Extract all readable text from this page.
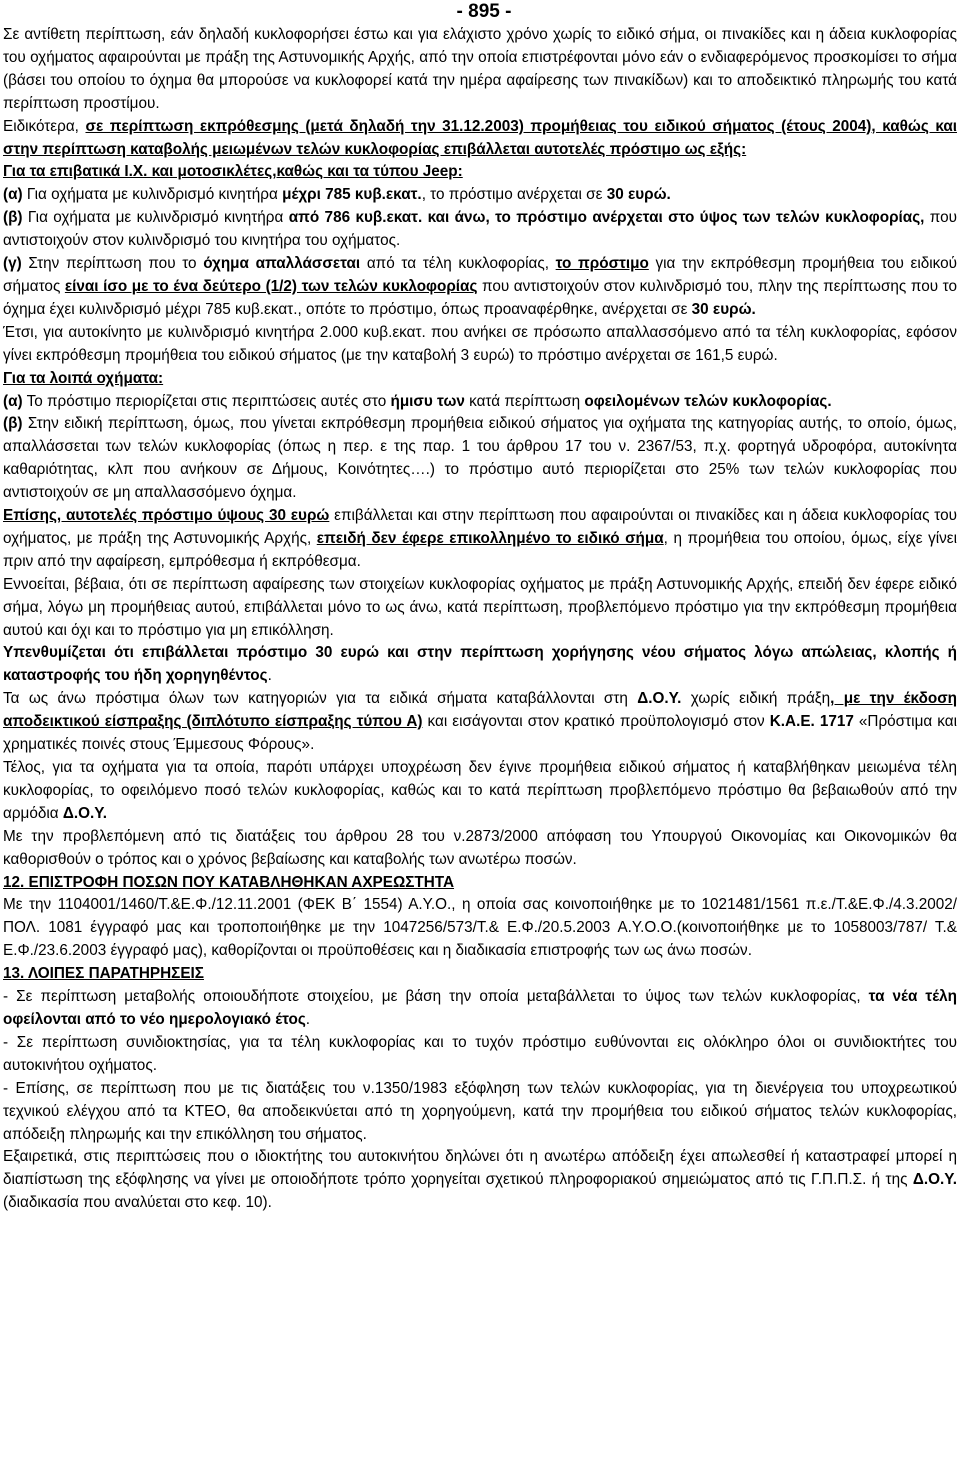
- 895 -

Σε αντίθετη περίπτωση, εάν δηλαδή κυκλοφορήσει έστω και για ελάχιστο χρόνο χωρίς το ειδικό σήμα, οι πινακίδες και η άδεια κυκλοφορίας του οχήματος αφαιρούνται με πράξη της Αστυνομικής Αρχής, από την οποία επιστρέφονται μόνο εάν ο ενδιαφερόμενος προσκομίσει το σήμα (βάσει του οποίου το όχημα θα μπορούσε να κυκλοφορεί κατά την ημέρα αφαίρεσης των πινακίδων) και το αποδεικτικό πληρωμής του κατά περίπτωση προστίμου.

Ειδικότερα, σε περίπτωση εκπρόθεσμης (μετά δηλαδή την 31.12.2003) προμήθειας του ειδικού σήματος (έτους 2004), καθώς και στην περίπτωση καταβολής μειωμένων τελών κυκλοφορίας επιβάλλεται αυτοτελές πρόστιμο ως εξής:

Για τα επιβατικά Ι.Χ. και μοτοσικλέτες,καθώς και τα τύπου Jeep:

(α) Για οχήματα με κυλινδρισμό κινητήρα μέχρι 785 κυβ.εκατ., το πρόστιμο ανέρχεται σε 30 ευρώ.

(β) Για οχήματα με κυλινδρισμό κινητήρα από 786 κυβ.εκατ. και άνω, το πρόστιμο ανέρχεται στο ύψος των τελών κυκλοφορίας, που αντιστοιχούν στον κυλινδρισμό του κινητήρα του οχήματος.

(γ) Στην περίπτωση που το όχημα απαλλάσσεται από τα τέλη κυκλοφορίας, το πρόστιμο για την εκπρόθεσμη προμήθεια του ειδικού σήματος είναι ίσο με το ένα δεύτερο (1/2) των τελών κυκλοφορίας που αντιστοιχούν στον κυλινδρισμό του, πλην της περίπτωσης που το όχημα έχει κυλινδρισμό μέχρι 785 κυβ.εκατ., οπότε το πρόστιμο, όπως προαναφέρθηκε, ανέρχεται σε 30 ευρώ.

Έτσι, για αυτοκίνητο με κυλινδρισμό κινητήρα 2.000 κυβ.εκατ. που ανήκει σε πρόσωπο απαλλασσόμενο από τα τέλη κυκλοφορίας, εφόσον γίνει εκπρόθεσμη προμήθεια του ειδικού σήματος (με την καταβολή 3 ευρώ) το πρόστιμο ανέρχεται σε 161,5 ευρώ.

Για τα λοιπά οχήματα:

(α) Το πρόστιμο περιορίζεται στις περιπτώσεις αυτές στο ήμισυ των κατά περίπτωση οφειλομένων τελών κυκλοφορίας.

(β) Στην ειδική περίπτωση, όμως, που γίνεται εκπρόθεσμη προμήθεια ειδικού σήματος για οχήματα της κατηγορίας αυτής, το οποίο, όμως, απαλλάσσεται των τελών κυκλοφορίας (όπως η περ. ε της παρ. 1 του άρθρου 17 του ν. 2367/53, π.χ. φορτηγά υδροφόρα, αυτοκίνητα καθαριότητας, κλπ που ανήκουν σε Δήμους, Κοινότητες….) το πρόστιμο αυτό περιορίζεται στο 25% των τελών κυκλοφορίας που αντιστοιχούν σε μη απαλλασσόμενο όχημα.

Επίσης, αυτοτελές πρόστιμο ύψους 30 ευρώ επιβάλλεται και στην περίπτωση που αφαιρούνται οι πινακίδες και η άδεια κυκλοφορίας του οχήματος, με πράξη της Αστυνομικής Αρχής, επειδή δεν έφερε επικολλημένο το ειδικό σήμα, η προμήθεια του οποίου, όμως, είχε γίνει πριν από την αφαίρεση, εμπρόθεσμα ή εκπρόθεσμα.

Εννοείται, βέβαια, ότι σε περίπτωση αφαίρεσης των στοιχείων κυκλοφορίας οχήματος με πράξη Αστυνομικής Αρχής, επειδή δεν έφερε ειδικό σήμα, λόγω μη προμήθειας αυτού, επιβάλλεται μόνο το ως άνω, κατά περίπτωση, προβλεπόμενο πρόστιμο για την εκπρόθεσμη προμήθεια αυτού και όχι και το πρόστιμο για μη επικόλληση.

Υπενθυμίζεται ότι επιβάλλεται πρόστιμο 30 ευρώ και στην περίπτωση χορήγησης νέου σήματος λόγω απώλειας, κλοπής ή καταστροφής του ήδη χορηγηθέντος.

Τα ως άνω πρόστιμα όλων των κατηγοριών για τα ειδικά σήματα καταβάλλονται στη Δ.Ο.Υ. χωρίς ειδική πράξη, με την έκδοση αποδεικτικού είσπραξης (διπλότυπο είσπραξης τύπου Α) και εισάγονται στον κρατικό προϋπολογισμό στον Κ.Α.Ε. 1717 «Πρόστιμα και χρηματικές ποινές στους Έμμεσους Φόρους».

Τέλος, για τα οχήματα για τα οποία, παρότι υπάρχει υποχρέωση δεν έγινε προμήθεια ειδικού σήματος ή καταβλήθηκαν μειωμένα τέλη κυκλοφορίας, το οφειλόμενο ποσό τελών κυκλοφορίας, καθώς και το κατά περίπτωση προβλεπόμενο πρόστιμο θα βεβαιωθούν από την αρμόδια Δ.Ο.Υ.

Με την προβλεπόμενη από τις διατάξεις του άρθρου 28 του ν.2873/2000 απόφαση του Υπουργού Οικονομίας και Οικονομικών θα καθορισθούν ο τρόπος και ο χρόνος βεβαίωσης και καταβολής των ανωτέρω ποσών.

12. ΕΠΙΣΤΡΟΦΗ ΠΟΣΩΝ ΠΟΥ ΚΑΤΑΒΛΗΘΗΚΑΝ ΑΧΡΕΩΣΤΗΤΑ

Με την 1104001/1460/Τ.&Ε.Φ./12.11.2001 (ΦΕΚ Β΄ 1554) Α.Υ.Ο., η οποία σας κοινοποιήθηκε με το 1021481/1561 π.ε./Τ.&Ε.Φ./4.3.2002/ΠΟΛ. 1081 έγγραφό μας και τροποποιήθηκε με την 1047256/573/Τ.& Ε.Φ./20.5.2003 Α.Υ.Ο.Ο.(κοινοποιήθηκε με το 1058003/787/ Τ.& Ε.Φ./23.6.2003 έγγραφό μας), καθορίζονται οι προϋποθέσεις και η διαδικασία επιστροφής των ως άνω ποσών.

13. ΛΟΙΠΕΣ ΠΑΡΑΤΗΡΗΣΕΙΣ

- Σε περίπτωση μεταβολής οποιουδήποτε στοιχείου, με βάση την οποία μεταβάλλεται το ύψος των τελών κυκλοφορίας, τα νέα τέλη οφείλονται από το νέο ημερολογιακό έτος.

- Σε περίπτωση συνιδιοκτησίας, για τα τέλη κυκλοφορίας και το τυχόν πρόστιμο ευθύνονται εις ολόκληρο όλοι οι συνιδιοκτήτες του αυτοκινήτου οχήματος.

- Επίσης, σε περίπτωση που με τις διατάξεις του ν.1350/1983 εξόφληση των τελών κυκλοφορίας, για τη διενέργεια του υποχρεωτικού τεχνικού ελέγχου από τα ΚΤΕΟ, θα αποδεικνύεται από τη χορηγούμενη, κατά την προμήθεια του ειδικού σήματος τελών κυκλοφορίας, απόδειξη πληρωμής και την επικόλληση του σήματος.

Εξαιρετικά, στις περιπτώσεις που ο ιδιοκτήτης του αυτοκινήτου δηλώνει ότι η ανωτέρω απόδειξη έχει απωλεσθεί ή καταστραφεί μπορεί η διαπίστωση της εξόφλησης να γίνει με οποιοδήποτε τρόπο χορηγείται σχετικού πληροφοριακού σημειώματος από τις Γ.Π.Π.Σ. ή της Δ.Ο.Υ. (διαδικασία που αναλύεται στο κεφ. 10).
